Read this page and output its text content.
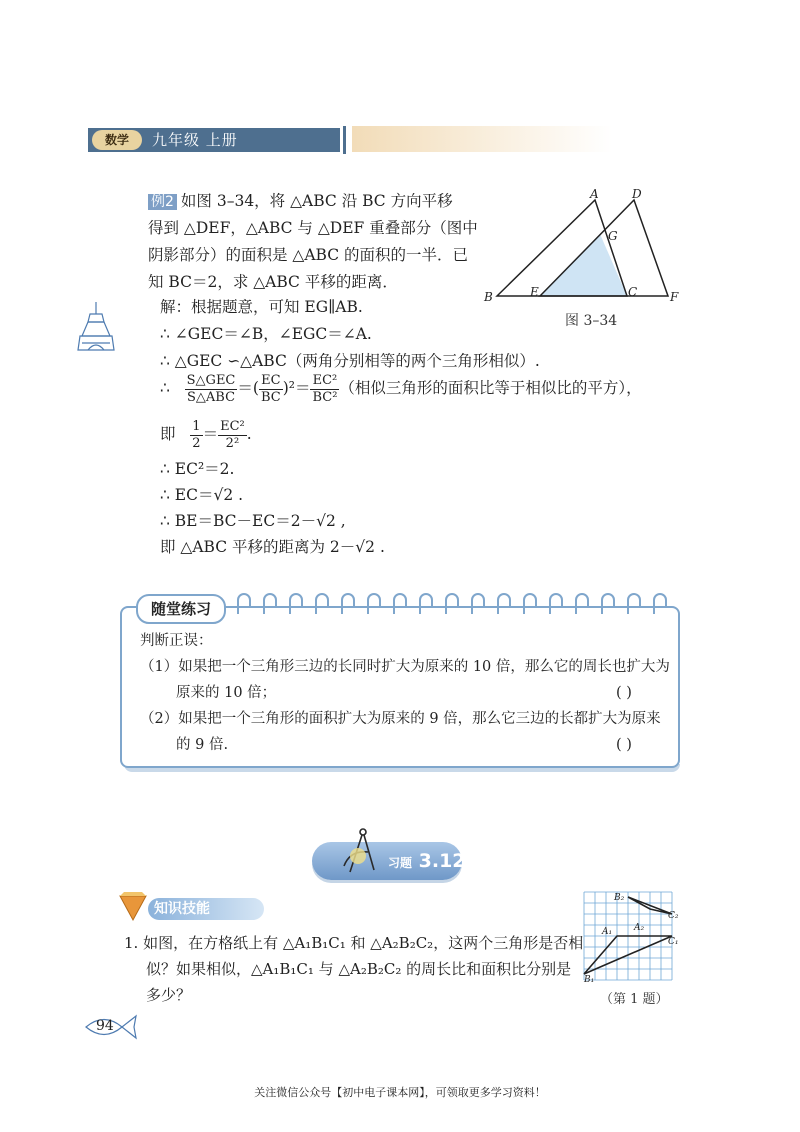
数学	九年级 上册
例2 如图 3–34，将 △ABC 沿 BC 方向平移
得到 △DEF，△ABC 与 △DEF 重叠部分（图中
阴影部分）的面积是 △ABC 的面积的一半．已
知 BC＝2，求 △ABC 平移的距离．
A	D
G
B	E	C	F
图 3–34
解：根据题意，可知 EG∥AB.
∴ ∠GEC＝∠B，∠EGC＝∠A.
∴ △GEC ∽△ABC（两角分别相等的两个三角形相似）.
∴ $\frac{\text{S△GEC}}{\text{S△ABC}}$ ＝( $\frac{EC}{BC} )^2= \frac{\text{EC²}}{\text{BC²}}$ （相似三角形的面积比等于相似比的平方），
即 $\frac{1}{2} = \frac{\text{EC²}}{\text{2²}}$ .
∴ EC²＝2.
∴ EC＝√2 .
∴ BE＝BC－EC＝2－√2 ,
即 △ABC 平移的距离为 2－√2 .
随堂练习
判断正误：
（1）如果把一个三角形三边的长同时扩大为原来的 10 倍，那么它的周长也扩大为
原来的 10 倍；	( )
（2）如果把一个三角形的面积扩大为原来的 9 倍，那么它三边的长都扩大为原来
的 9 倍.	( )
习题 3.12
知识技能
1. 如图，在方格纸上有 △A₁B₁C₁ 和 △A₂B₂C₂，这两个三角形是否相
似？如果相似，△A₁B₁C₁ 与 △A₂B₂C₂ 的周长比和面积比分别是
多少？
B₂
C₂
A₁ A₂
C₁
B₁
（第 1 题）
94
关注微信公众号【初中电子课本网】，可领取更多学习资料！
